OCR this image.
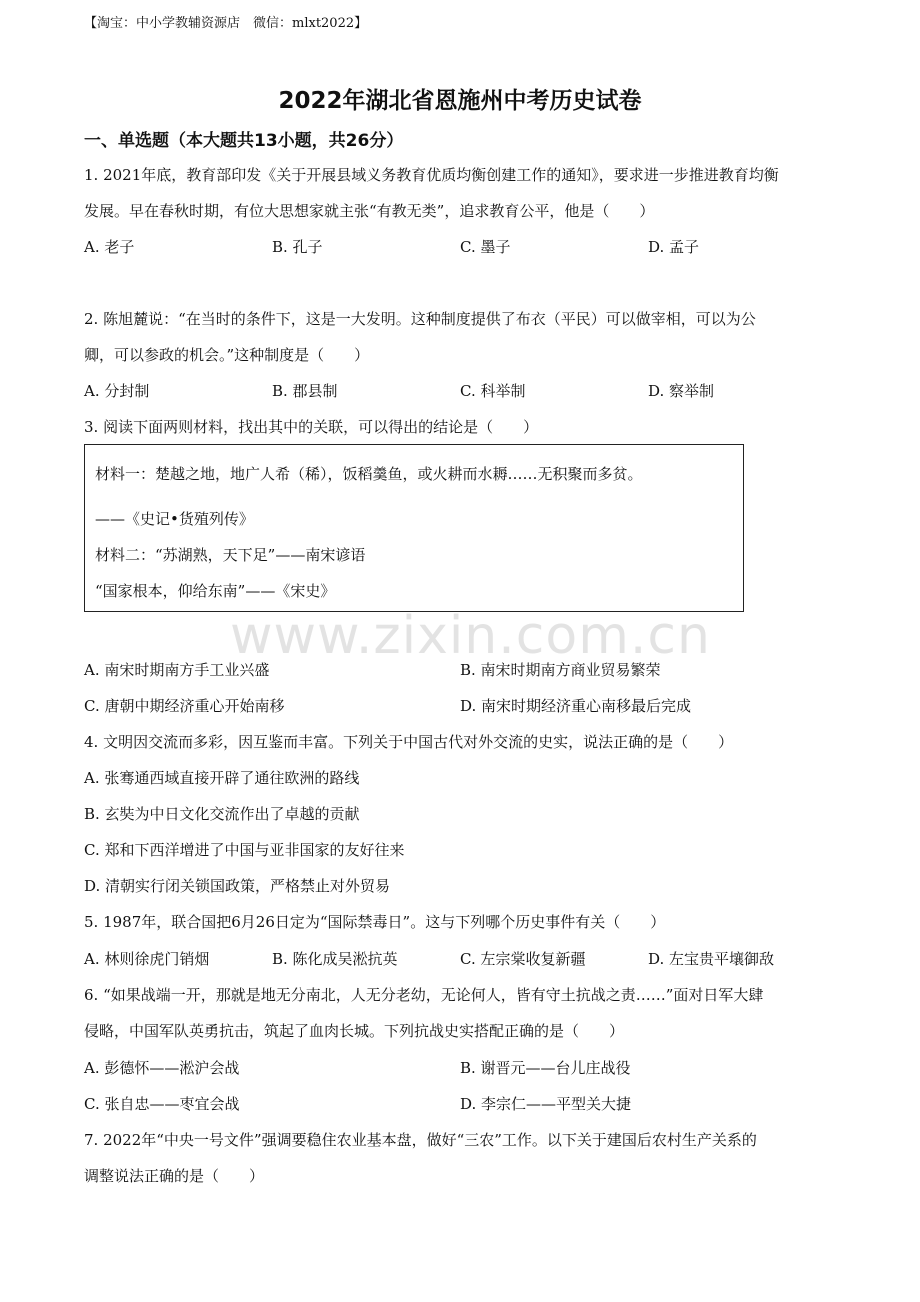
【淘宝：中小学教辅资源店　微信：mlxt2022】
www.zixin.com.cn
2022年湖北省恩施州中考历史试卷
一、单选题（本大题共13小题，共26分）
1. 2021年底，教育部印发《关于开展县域义务教育优质均衡创建工作的通知》，要求进一步推进教育均衡
发展。早在春秋时期，有位大思想家就主张“有教无类”，追求教育公平，他是（　　）
A. 老子	B. 孔子	C. 墨子	D. 孟子
2. 陈旭麓说：“在当时的条件下，这是一大发明。这种制度提供了布衣（平民）可以做宰相，可以为公
卿，可以参政的机会。”这种制度是（　　）
A. 分封制	B. 郡县制	C. 科举制	D. 察举制
3. 阅读下面两则材料，找出其中的关联，可以得出的结论是（　　）
材料一：楚越之地，地广人希（稀），饭稻羹鱼，或火耕而水耨……无积聚而多贫。
——《史记•货殖列传》
材料二：“苏湖熟，天下足”——南宋谚语
“国家根本，仰给东南”——《宋史》
A. 南宋时期南方手工业兴盛	B. 南宋时期南方商业贸易繁荣
C. 唐朝中期经济重心开始南移	D. 南宋时期经济重心南移最后完成
4. 文明因交流而多彩，因互鉴而丰富。下列关于中国古代对外交流的史实，说法正确的是（　　）
A. 张骞通西域直接开辟了通往欧洲的路线
B. 玄奘为中日文化交流作出了卓越的贡献
C. 郑和下西洋增进了中国与亚非国家的友好往来
D. 清朝实行闭关锁国政策，严格禁止对外贸易
5. 1987年，联合国把6月26日定为“国际禁毒日”。这与下列哪个历史事件有关（　　）
A. 林则徐虎门销烟	B. 陈化成吴淞抗英	C. 左宗棠收复新疆	D. 左宝贵平壤御敌
6. “如果战端一开，那就是地无分南北，人无分老幼，无论何人，皆有守土抗战之责……”面对日军大肆
侵略，中国军队英勇抗击，筑起了血肉长城。下列抗战史实搭配正确的是（　　）
A. 彭德怀——淞沪会战	B. 谢晋元——台儿庄战役
C. 张自忠——枣宜会战	D. 李宗仁——平型关大捷
7. 2022年“中央一号文件”强调要稳住农业基本盘，做好“三农”工作。以下关于建国后农村生产关系的
调整说法正确的是（　　）
